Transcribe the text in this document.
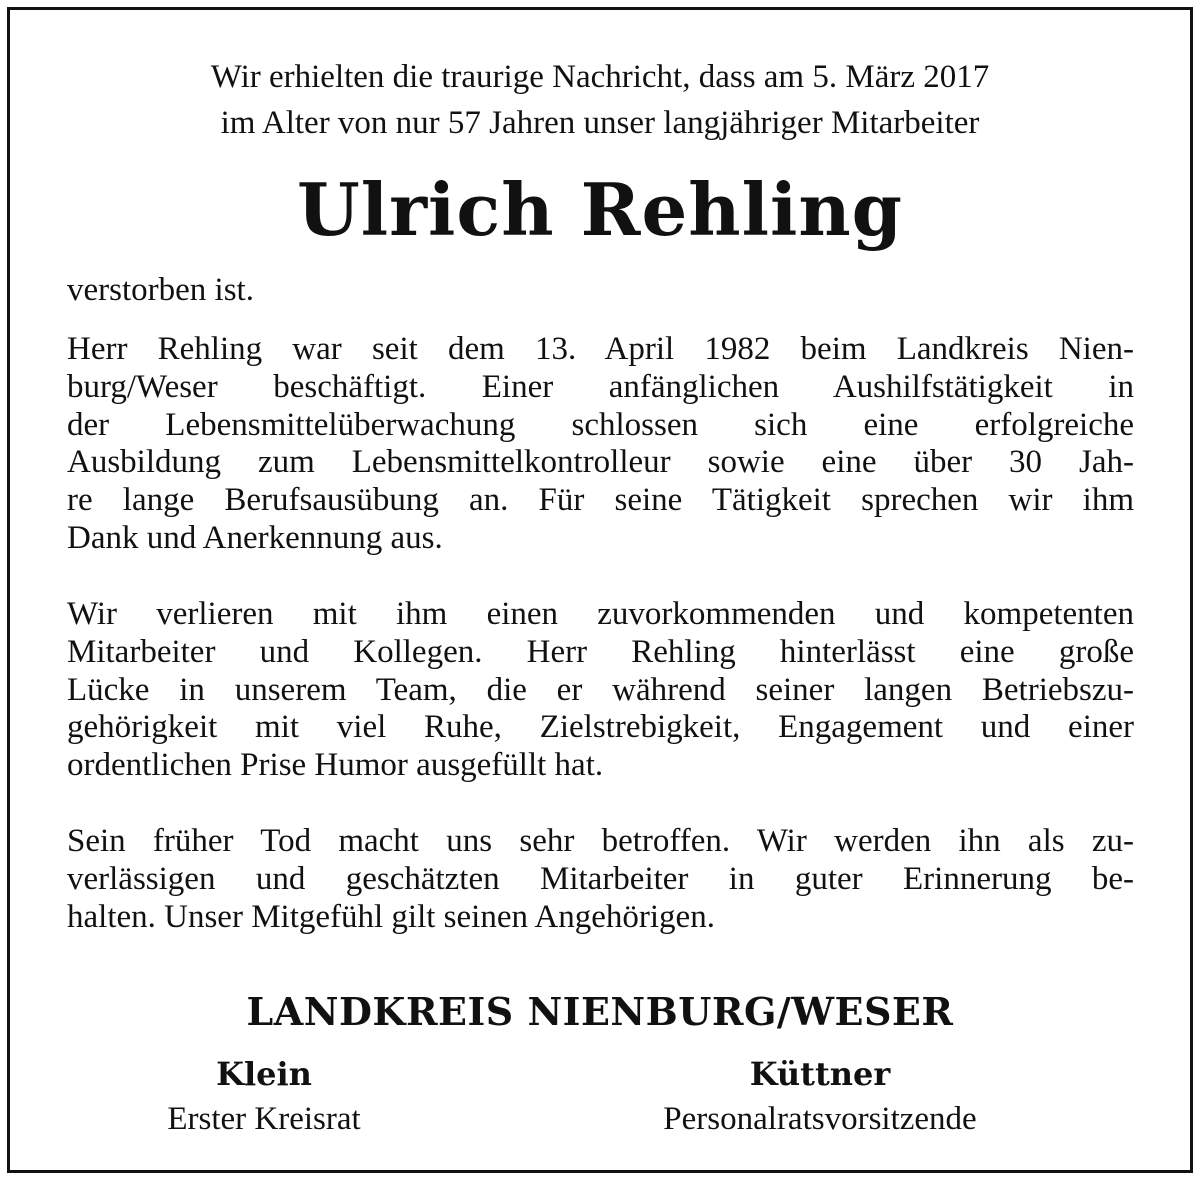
Wir erhielten die traurige Nachricht, dass am 5. März 2017
im Alter von nur 57 Jahren unser langjähriger Mitarbeiter
Ulrich Rehling
verstorben ist.
Herr Rehling war seit dem 13. April 1982 beim Landkreis Nien-
burg/Weser beschäftigt. Einer anfänglichen Aushilfstätigkeit in
der Lebensmittelüberwachung schlossen sich eine erfolgreiche
Ausbildung zum Lebensmittelkontrolleur sowie eine über 30 Jah-
re lange Berufsausübung an. Für seine Tätigkeit sprechen wir ihm
Dank und Anerkennung aus.
Wir verlieren mit ihm einen zuvorkommenden und kompetenten
Mitarbeiter und Kollegen. Herr Rehling hinterlässt eine große
Lücke in unserem Team, die er während seiner langen Betriebszu-
gehörigkeit mit viel Ruhe, Zielstrebigkeit, Engagement und einer
ordentlichen Prise Humor ausgefüllt hat.
Sein früher Tod macht uns sehr betroffen. Wir werden ihn als zu-
verlässigen und geschätzten Mitarbeiter in guter Erinnerung be-
halten. Unser Mitgefühl gilt seinen Angehörigen.
LANDKREIS NIENBURG/WESER
Klein
Erster Kreisrat
Küttner
Personalratsvorsitzende
